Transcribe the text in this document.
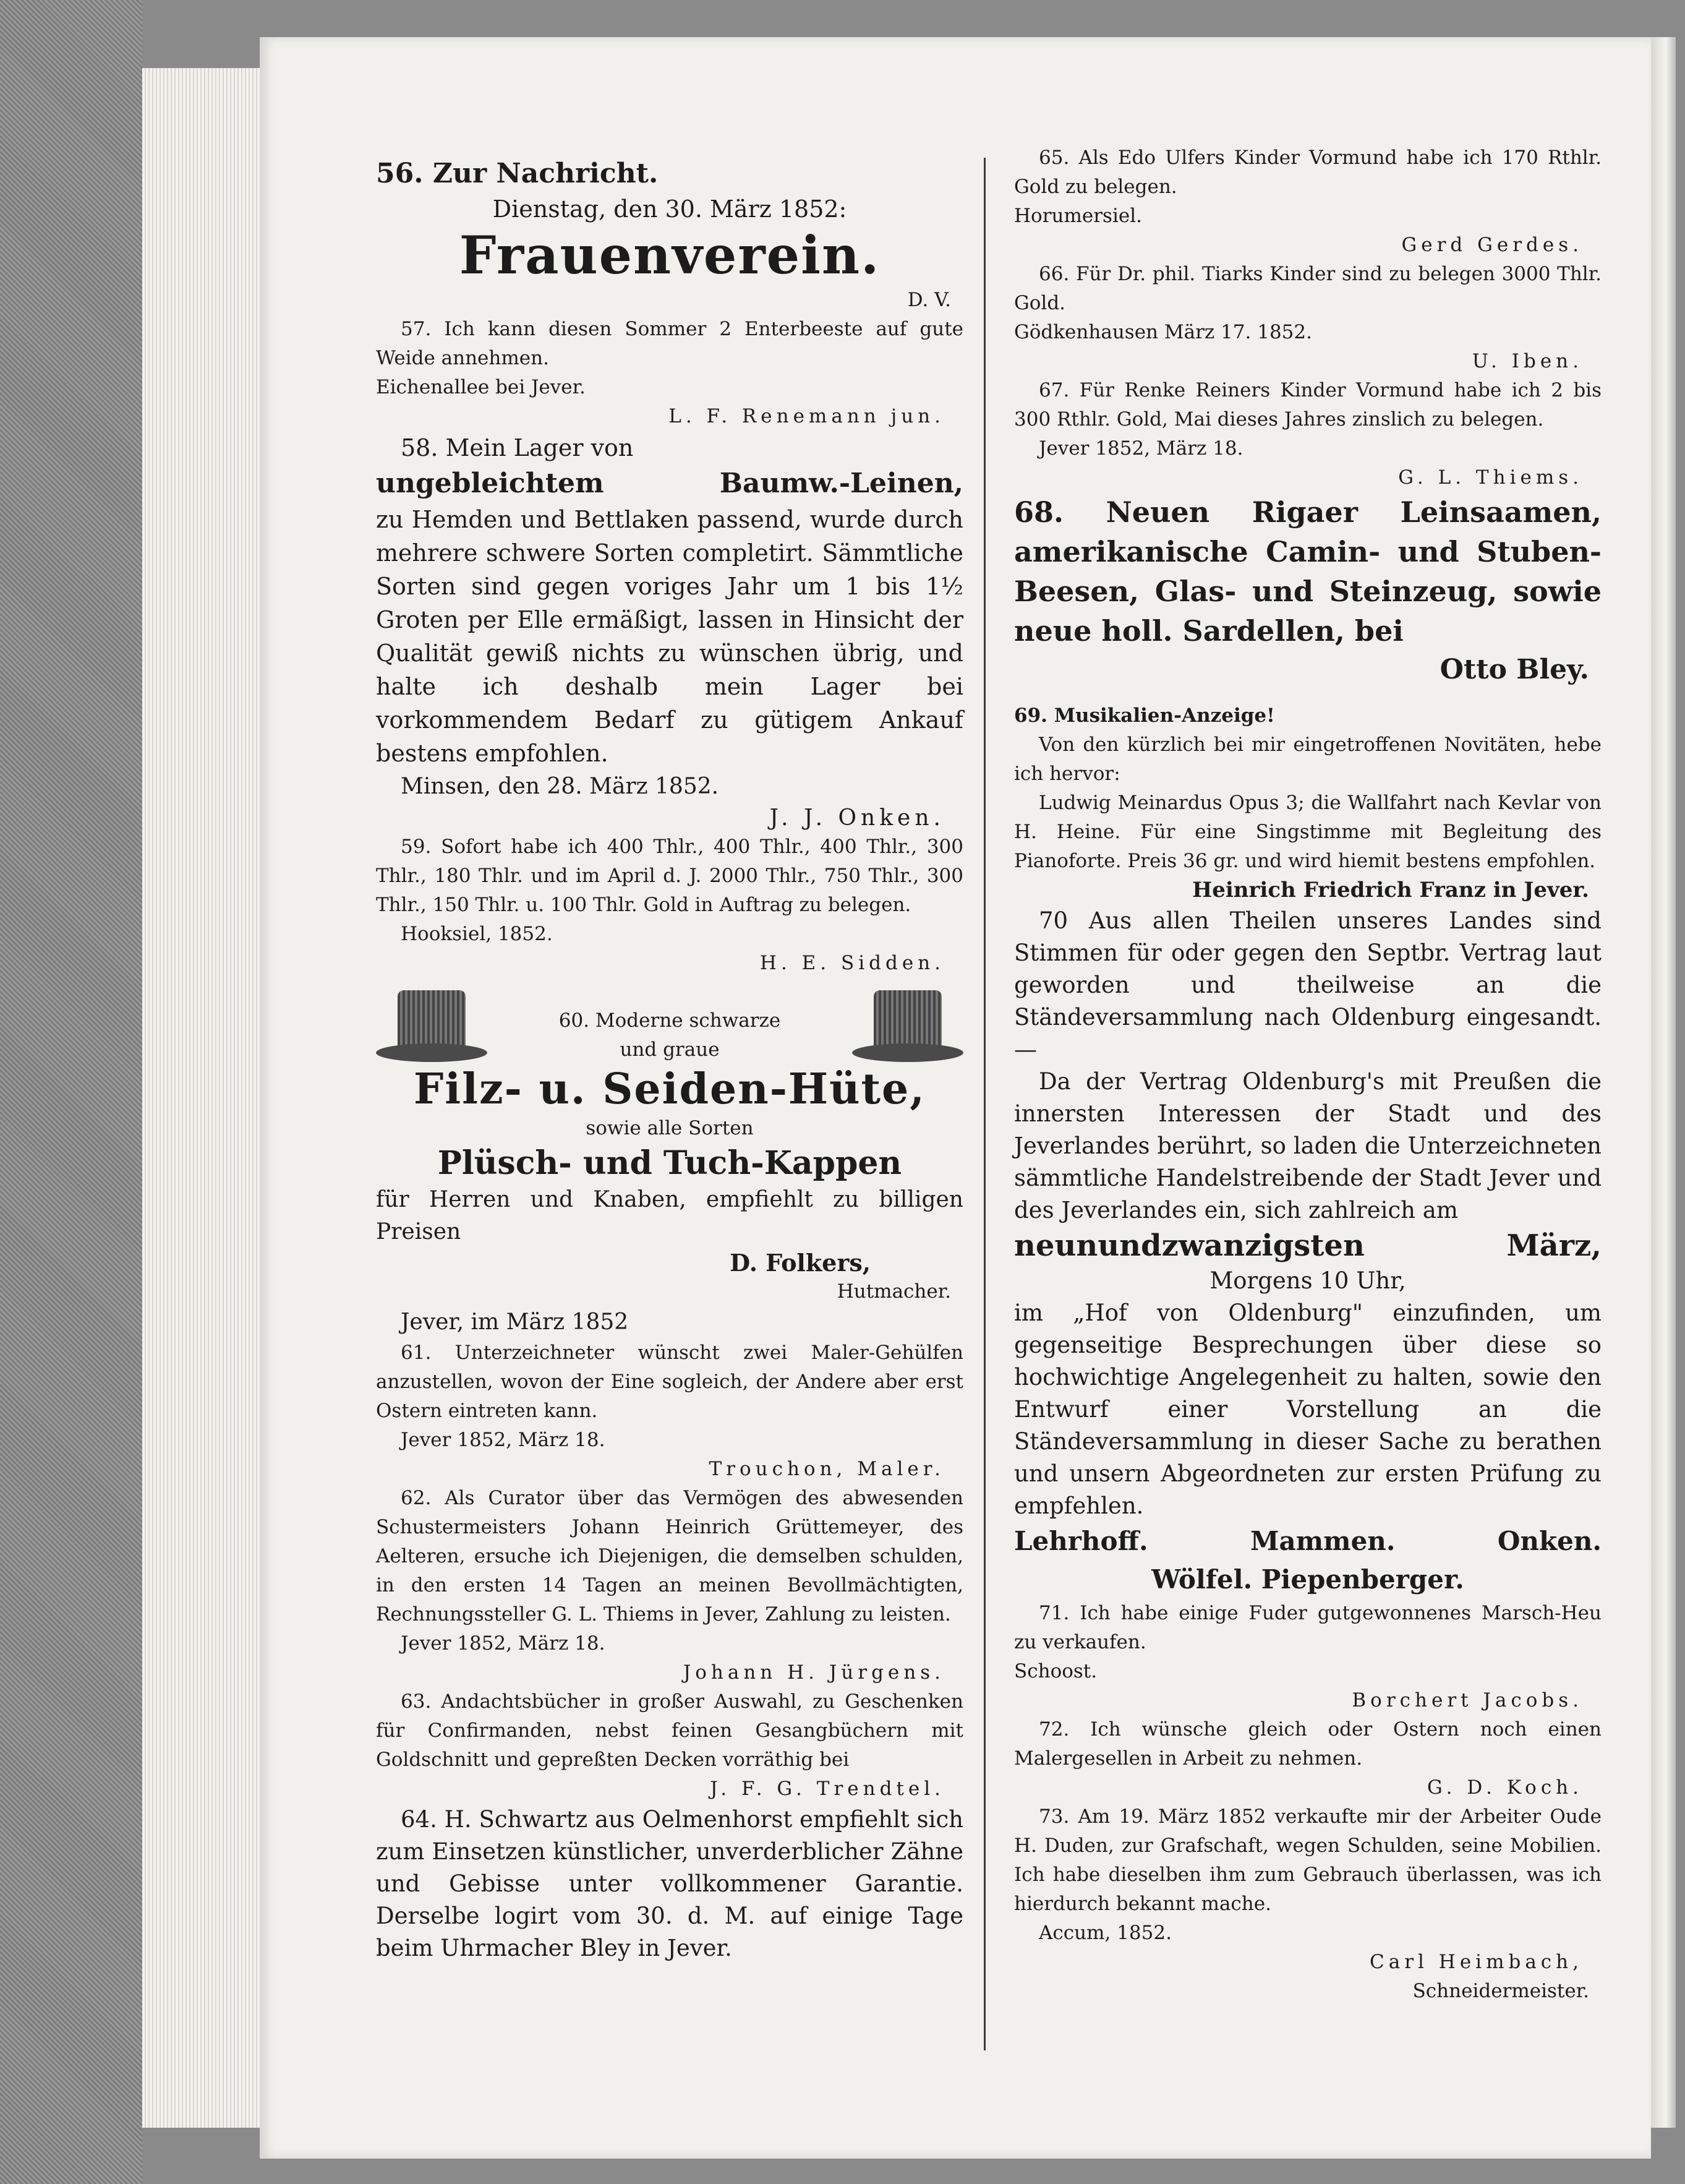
56. Zur Nachricht.

Dienstag, den 30. März 1852:

Frauenverein.

D. V.

57. Ich kann diesen Sommer 2 Enterbeeste auf gute Weide annehmen.

Eichenallee bei Jever.

L. F. Renemann jun.

58. Mein Lager von

ungebleichtem Baumw.-Leinen,

zu Hemden und Bettlaken passend, wurde durch mehrere schwere Sorten completirt. Sämmtliche Sorten sind gegen voriges Jahr um 1 bis 1½ Groten per Elle ermäßigt, lassen in Hinsicht der Qualität gewiß nichts zu wünschen übrig, und halte ich deshalb mein Lager bei vorkommendem Bedarf zu gütigem Ankauf bestens empfohlen.

Minsen, den 28. März 1852.

J. J. Onken.

59. Sofort habe ich 400 Thlr., 400 Thlr., 400 Thlr., 300 Thlr., 180 Thlr. und im April d. J. 2000 Thlr., 750 Thlr., 300 Thlr., 150 Thlr. u. 100 Thlr. Gold in Auftrag zu belegen.

Hooksiel, 1852.

H. E. Sidden.

60. Moderne schwarze

und graue

Filz- u. Seiden-Hüte,

sowie alle Sorten

Plüsch- und Tuch-Kappen

für Herren und Knaben, empfiehlt zu billigen Preisen

D. Folkers,

Hutmacher.

Jever, im März 1852

61. Unterzeichneter wünscht zwei Maler-Gehülfen anzustellen, wovon der Eine sogleich, der Andere aber erst Ostern eintreten kann.

Jever 1852, März 18.

Trouchon, Maler.

62. Als Curator über das Vermögen des abwesenden Schustermeisters Johann Heinrich Grüttemeyer, des Aelteren, ersuche ich Diejenigen, die demselben schulden, in den ersten 14 Tagen an meinen Bevollmächtigten, Rechnungssteller G. L. Thiems in Jever, Zahlung zu leisten.

Jever 1852, März 18.

Johann H. Jürgens.

63. Andachtsbücher in großer Auswahl, zu Geschenken für Confirmanden, nebst feinen Gesangbüchern mit Goldschnitt und gepreßten Decken vorräthig bei

J. F. G. Trendtel.

64. H. Schwartz aus Oelmenhorst empfiehlt sich zum Einsetzen künstlicher, unverderblicher Zähne und Gebisse unter vollkommener Garantie. Derselbe logirt vom 30. d. M. auf einige Tage beim Uhrmacher Bley in Jever.

65. Als Edo Ulfers Kinder Vormund habe ich 170 Rthlr. Gold zu belegen.

Horumersiel.

Gerd Gerdes.

66. Für Dr. phil. Tiarks Kinder sind zu belegen 3000 Thlr. Gold.

Gödkenhausen März 17. 1852.

U. Iben.

67. Für Renke Reiners Kinder Vormund habe ich 2 bis 300 Rthlr. Gold, Mai dieses Jahres zinslich zu belegen.

Jever 1852, März 18.

G. L. Thiems.

68. Neuen Rigaer Leinsaamen, amerikanische Camin- und Stuben-Beesen, Glas- und Steinzeug, sowie neue holl. Sardellen, bei

Otto Bley.

69. Musikalien-Anzeige!

Von den kürzlich bei mir eingetroffenen Novitäten, hebe ich hervor:

Ludwig Meinardus Opus 3; die Wallfahrt nach Kevlar von H. Heine. Für eine Singstimme mit Begleitung des Pianoforte. Preis 36 gr. und wird hiemit bestens empfohlen.

Heinrich Friedrich Franz in Jever.

70 Aus allen Theilen unseres Landes sind Stimmen für oder gegen den Septbr. Vertrag laut geworden und theilweise an die Ständeversammlung nach Oldenburg eingesandt. —

Da der Vertrag Oldenburg's mit Preußen die innersten Interessen der Stadt und des Jeverlandes berührt, so laden die Unterzeichneten sämmtliche Handelstreibende der Stadt Jever und des Jeverlandes ein, sich zahlreich am

neunundzwanzigsten März,

Morgens 10 Uhr,

im „Hof von Oldenburg" einzufinden, um gegenseitige Besprechungen über diese so hochwichtige Angelegenheit zu halten, sowie den Entwurf einer Vorstellung an die Ständeversammlung in dieser Sache zu berathen und unsern Abgeordneten zur ersten Prüfung zu empfehlen.

Lehrhoff. Mammen. Onken.

Wölfel. Piepenberger.

71. Ich habe einige Fuder gutgewonnenes Marsch-Heu zu verkaufen.

Schoost.

Borchert Jacobs.

72. Ich wünsche gleich oder Ostern noch einen Malergesellen in Arbeit zu nehmen.

G. D. Koch.

73. Am 19. März 1852 verkaufte mir der Arbeiter Oude H. Duden, zur Grafschaft, wegen Schulden, seine Mobilien. Ich habe dieselben ihm zum Gebrauch überlassen, was ich hierdurch bekannt mache.

Accum, 1852.

Carl Heimbach,

Schneidermeister.
